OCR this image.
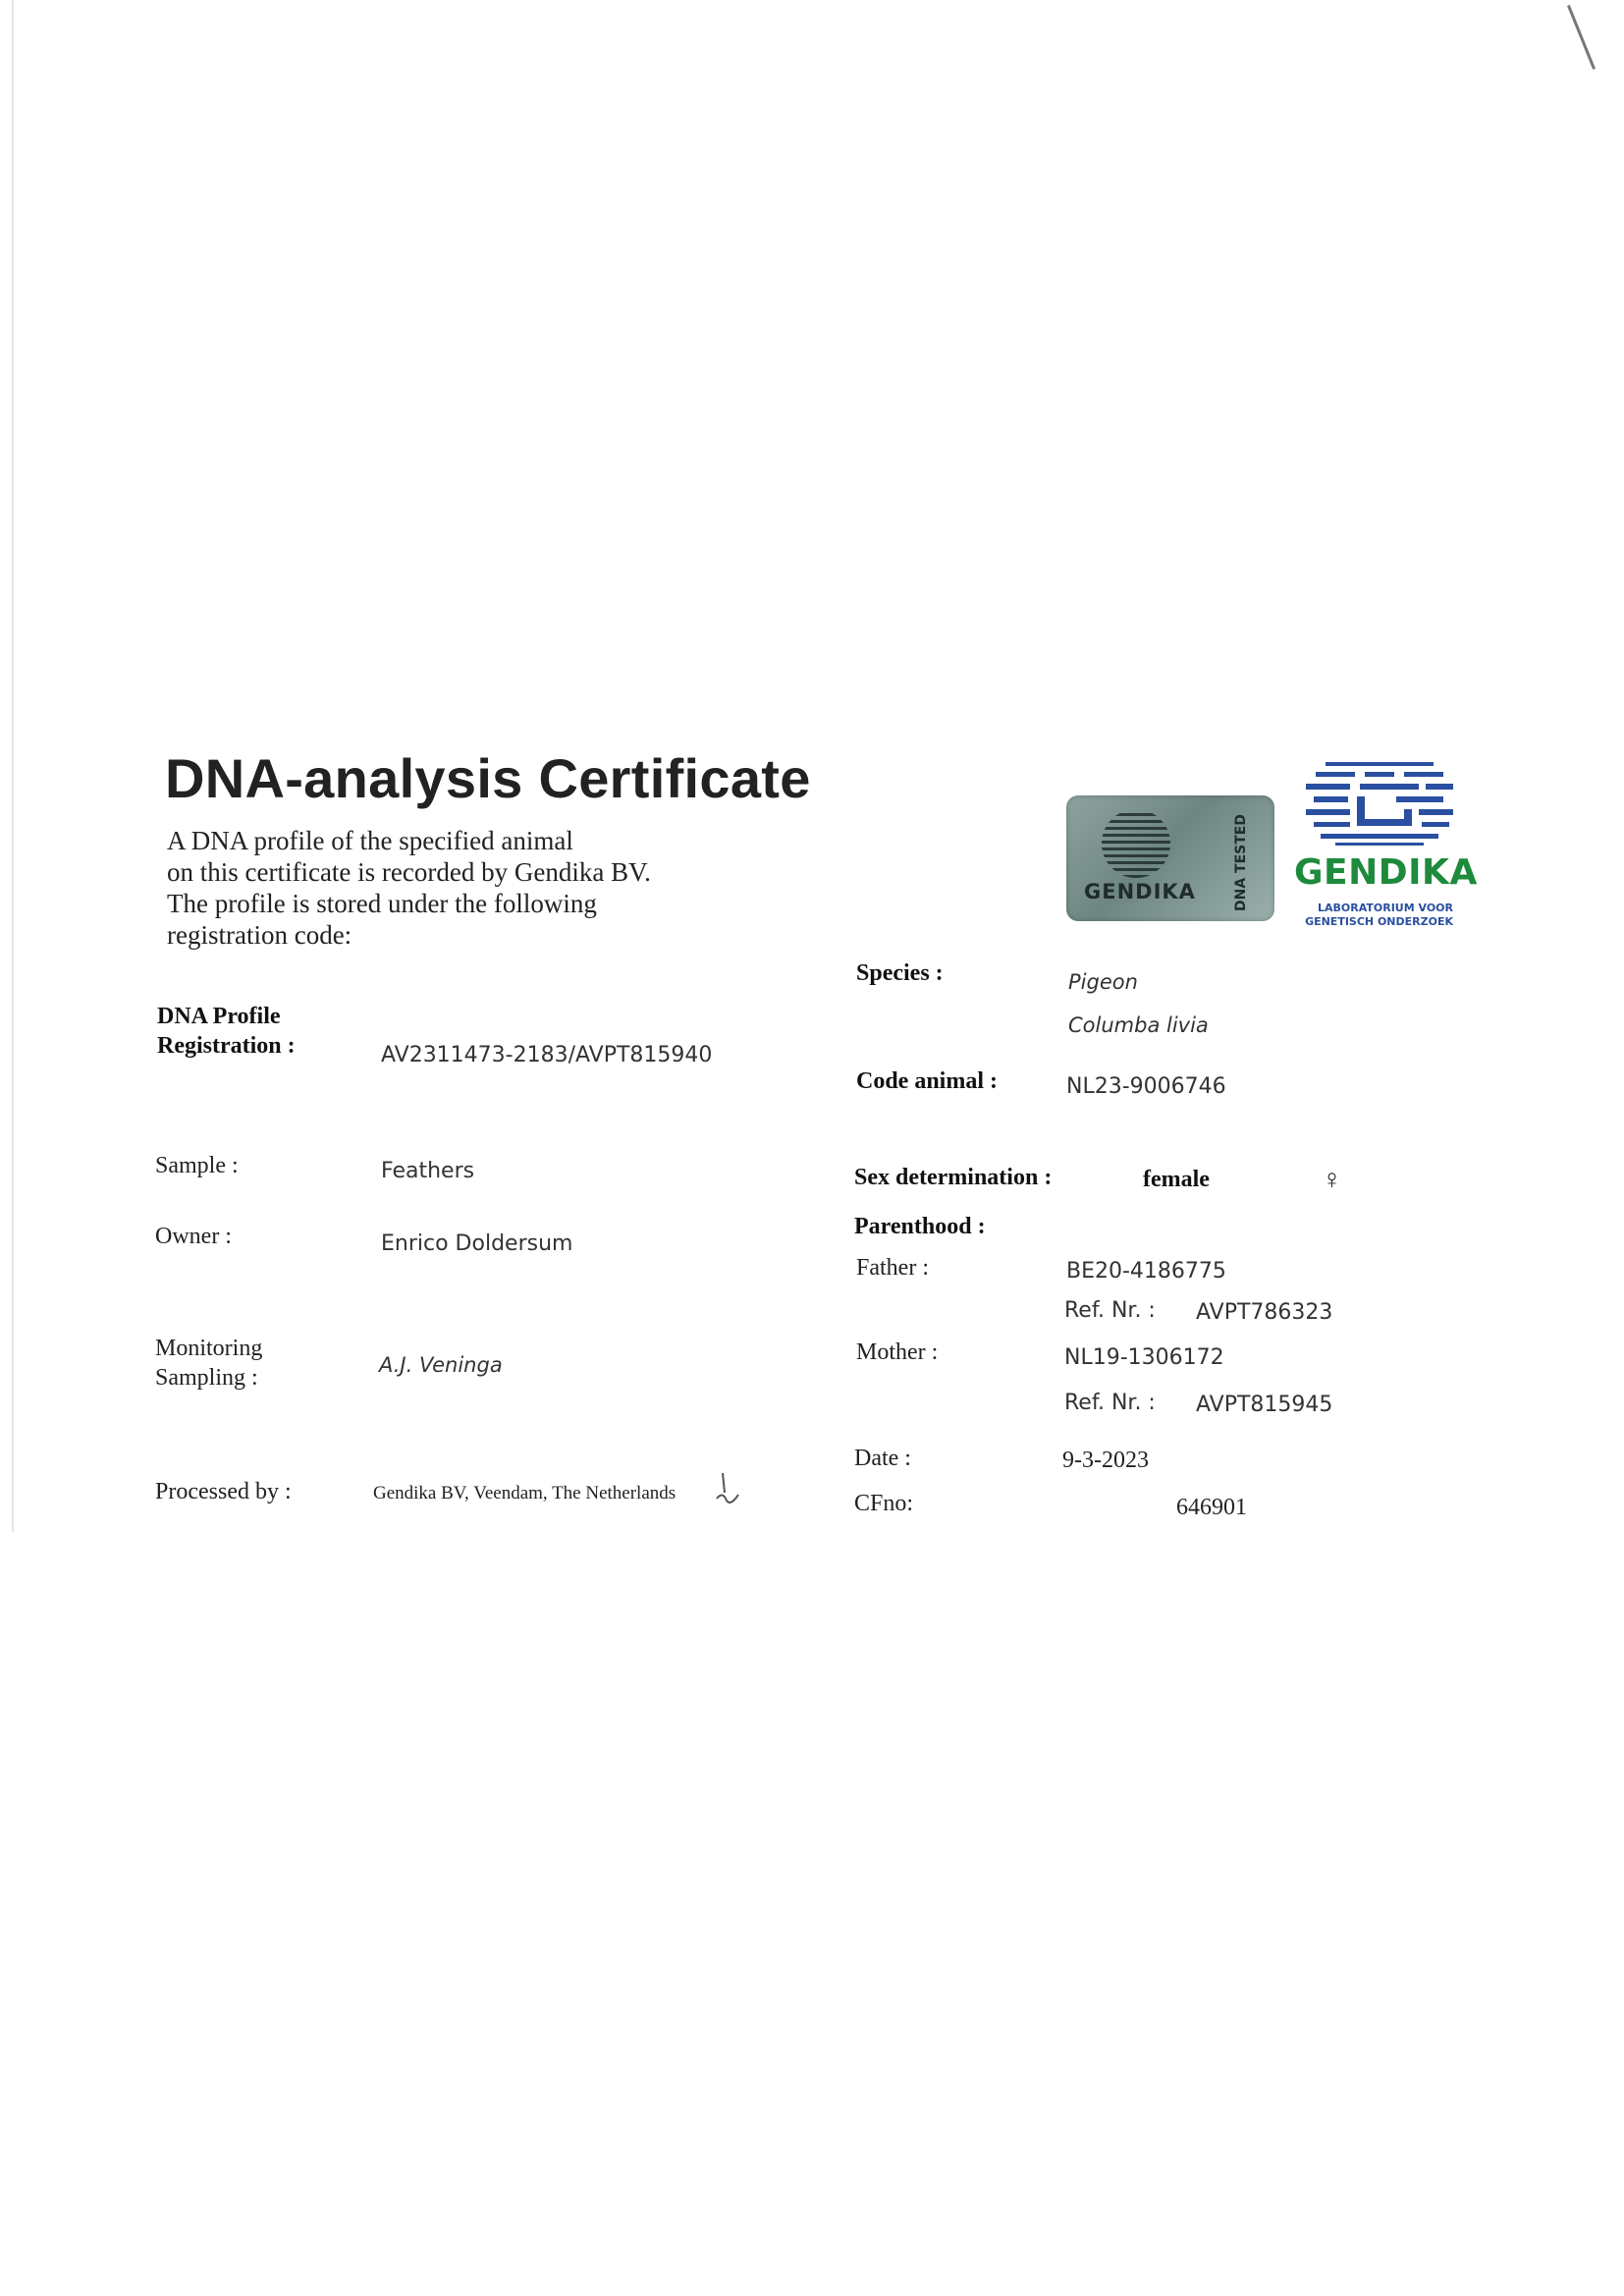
DNA-analysis Certificate
A DNA profile of the specified animal
on this certificate is recorded by Gendika BV.
The profile is stored under the following
registration code:
GENDIKA	DNA TESTED GENDIKA
LABORATORIUM VOOR
GENETISCH ONDERZOEK
DNA Profile
Registration :	AV2311473-2183/AVPT815940
Sample :	Feathers
Owner :	Enrico Doldersum
Monitoring
Sampling :	A.J. Veninga
Processed by :	Gendika BV, Veendam, The Netherlands
Species :	Pigeon
Columba livia
Code animal :	NL23-9006746
Sex determination :	female	♀
Parenthood :
Father :	BE20-4186775
Ref. Nr. : AVPT786323
Mother :	NL19-1306172
Ref. Nr. : AVPT815945
Date :	9-3-2023
CFno:	646901
